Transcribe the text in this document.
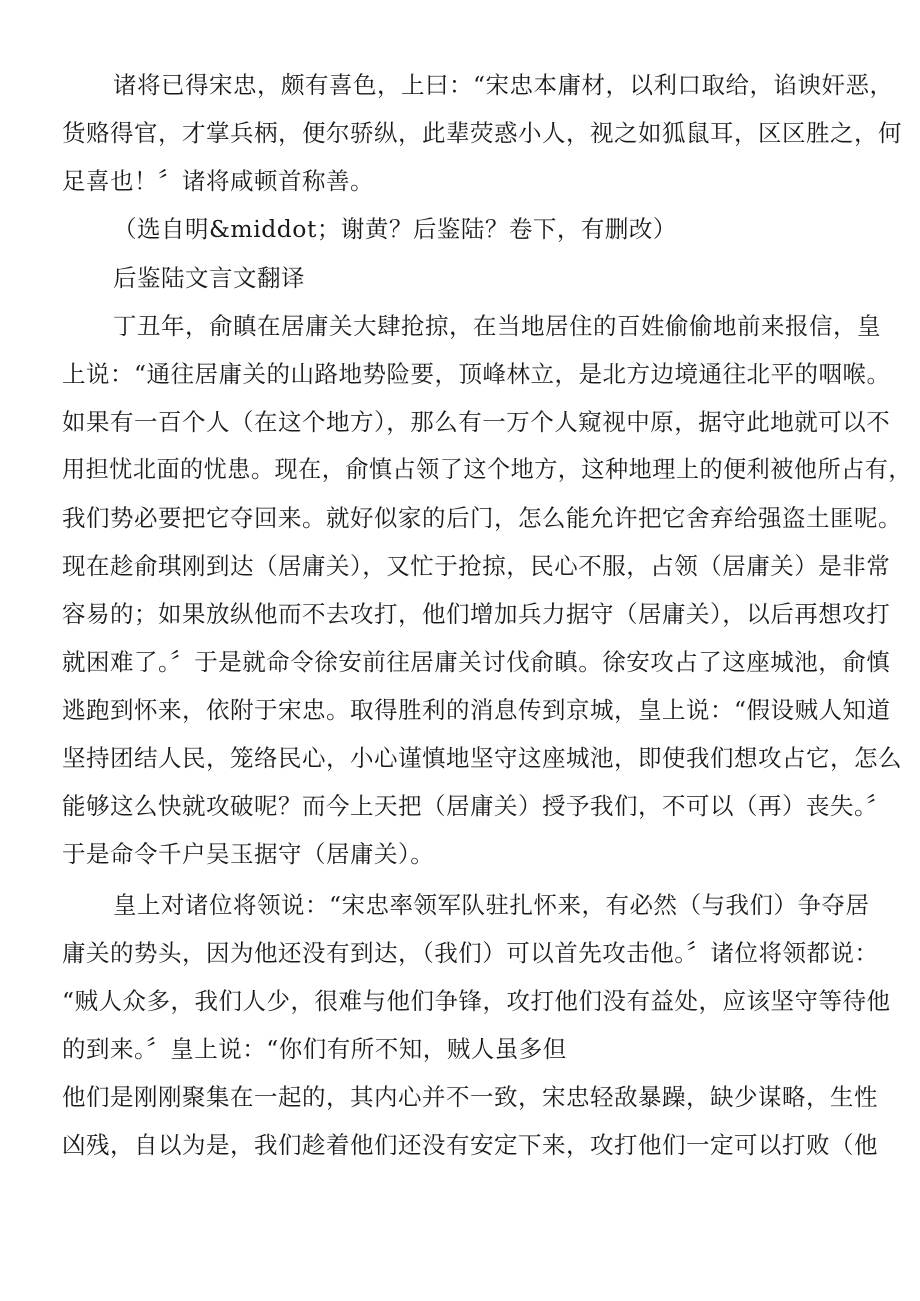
诸将已得宋忠，颇有喜色，上曰：“宋忠本庸材，以利口取给，谄谀奸恶，
货赂得官，才掌兵柄，便尔骄纵，此辈荧惑小人，视之如狐鼠耳，区区胜之，何
足喜也！〞诸将咸顿首称善。
（选自明&middot；谢黄？后鉴陆？卷下，有删改）
后鉴陆文言文翻译
丁丑年，俞瞋在居庸关大肆抢掠，在当地居住的百姓偷偷地前来报信，皇
上说：“通往居庸关的山路地势险要，顶峰林立，是北方边境通往北平的咽喉。
如果有一百个人（在这个地方），那么有一万个人窥视中原，据守此地就可以不
用担忧北面的忧患。现在，俞慎占领了这个地方，这种地理上的便利被他所占有，
我们势必要把它夺回来。就好似家的后门，怎么能允许把它舍弃给强盗土匪呢。
现在趁俞琪刚到达（居庸关），又忙于抢掠，民心不服，占领（居庸关）是非常
容易的；如果放纵他而不去攻打，他们增加兵力据守（居庸关），以后再想攻打
就困难了。〞于是就命令徐安前往居庸关讨伐俞瞋。徐安攻占了这座城池，俞慎
逃跑到怀来，依附于宋忠。取得胜利的消息传到京城，皇上说：“假设贼人知道
坚持团结人民，笼络民心，小心谨慎地坚守这座城池，即使我们想攻占它，怎么
能够这么快就攻破呢？而今上天把（居庸关）授予我们，不可以（再）丧失。〞
于是命令千户吴玉据守（居庸关）。
皇上对诸位将领说：“宋忠率领军队驻扎怀来，有必然（与我们）争夺居
庸关的势头，因为他还没有到达，（我们）可以首先攻击他。〞诸位将领都说：
“贼人众多，我们人少，很难与他们争锋，攻打他们没有益处，应该坚守等待他
的到来。〞皇上说：“你们有所不知，贼人虽多但
他们是刚刚聚集在一起的，其内心并不一致，宋忠轻敌暴躁，缺少谋略，生性
凶残，自以为是，我们趁着他们还没有安定下来，攻打他们一定可以打败（他
